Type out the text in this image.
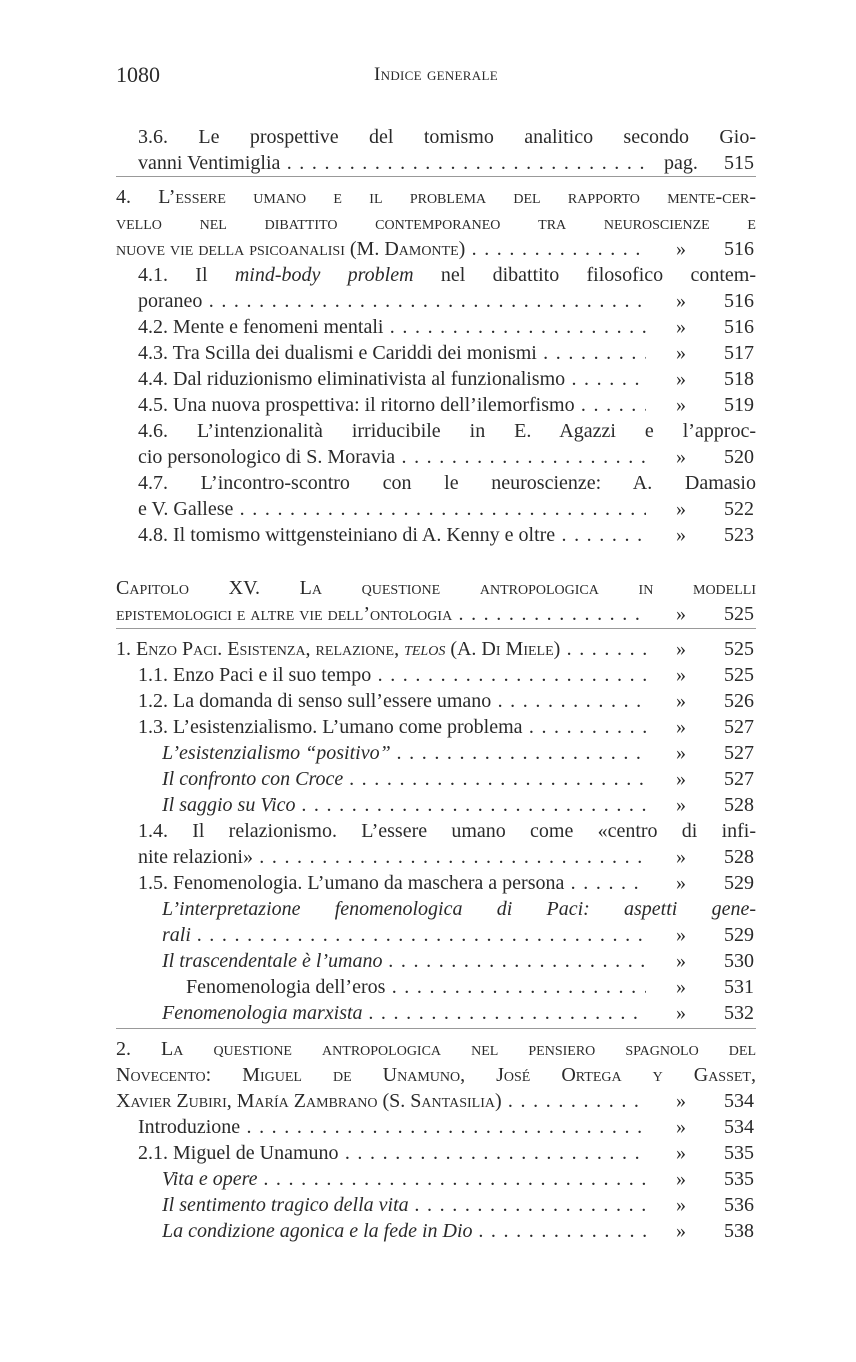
1080	Indice generale
3.6. Le prospettive del tomismo analitico secondo Gio-
vanni Ventimiglia . . .	pag.	515
4. L’essere umano e il problema del rapporto mente-cer-
vello nel dibattito contemporaneo tra neuroscienze e
nuove vie della psicoanalisi (M. Damonte) . . .	»	516
4.1. Il mind-body problem nel dibattito filosofico contem-
poraneo . . .	»	516
4.2. Mente e fenomeni mentali . . .	»	516
4.3. Tra Scilla dei dualismi e Cariddi dei monismi . . .	»	517
4.4. Dal riduzionismo eliminativista al funzionalismo . . .	»	518
4.5. Una nuova prospettiva: il ritorno dell’ilemorfismo . . .	»	519
4.6. L’intenzionalità irriducibile in E. Agazzi e l’approc-
cio personologico di S. Moravia . . .	»	520
4.7. L’incontro-scontro con le neuroscienze: A. Damasio
e V. Gallese . . .	»	522
4.8. Il tomismo wittgensteiniano di A. Kenny e oltre . . .	»	523
Capitolo XV. La questione antropologica in modelli
epistemologici e altre vie dell’ontologia . . .	»	525
1. Enzo Paci. Esistenza, relazione, telos (A. Di Miele) . . .	»	525
1.1. Enzo Paci e il suo tempo . . .	»	525
1.2. La domanda di senso sull’essere umano . . .	»	526
1.3. L’esistenzialismo. L’umano come problema . . .	»	527
L’esistenzialismo “positivo” . . .	»	527
Il confronto con Croce . . .	»	527
Il saggio su Vico . . .	»	528
1.4. Il relazionismo. L’essere umano come «centro di infi-
nite relazioni» . . .	»	528
1.5. Fenomenologia. L’umano da maschera a persona . . .	»	529
L’interpretazione fenomenologica di Paci: aspetti gene-
rali . . .	»	529
Il trascendentale è l’umano . . .	»	530
Fenomenologia dell’eros . . .	»	531
Fenomenologia marxista . . .	»	532
2. La questione antropologica nel pensiero spagnolo del
Novecento: Miguel de Unamuno, José Ortega y Gasset,
Xavier Zubiri, María Zambrano (S. Santasilia) . . .	»	534
Introduzione . . .	»	534
2.1. Miguel de Unamuno . . .	»	535
Vita e opere . . .	»	535
Il sentimento tragico della vita . . .	»	536
La condizione agonica e la fede in Dio . . .	»	538
